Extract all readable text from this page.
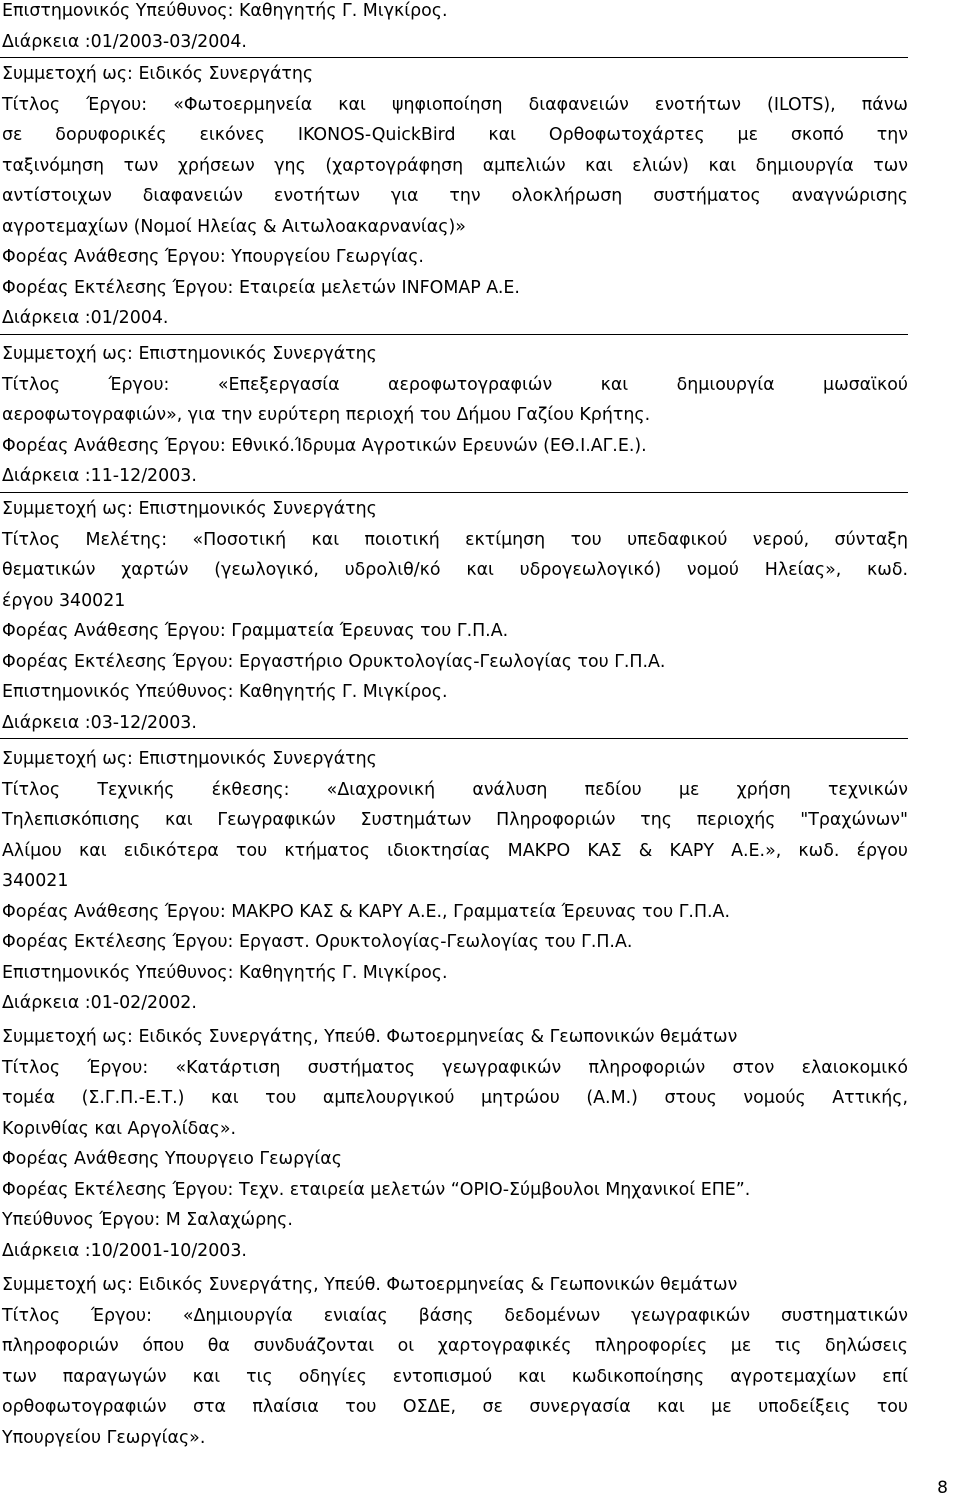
Επιστημονικός Υπεύθυνος: Καθηγητής Γ. Μιγκίρος.
Διάρκεια :01/2003-03/2004.
Συμμετοχή ως: Ειδικός Συνεργάτης
Τίτλος Έργου: «Φωτοερμηνεία και ψηφιοποίηση διαφανειών ενοτήτων (ILOTS), πάνω
σε δορυφορικές εικόνες IKONOS-QuickBird και Ορθοφωτοχάρτες με σκοπό την
ταξινόμηση των χρήσεων γης (χαρτογράφηση αμπελιών και ελιών) και δημιουργία των
αντίστοιχων διαφανειών ενοτήτων για την ολοκλήρωση συστήματος αναγνώρισης
αγροτεμαχίων (Νομοί Ηλείας & Αιτωλοακαρνανίας)»
Φορέας Ανάθεσης Έργου: Υπουργείου Γεωργίας.
Φορέας Εκτέλεσης Έργου: Εταιρεία μελετών INFOMAP A.E.
Διάρκεια :01/2004.
Συμμετοχή ως: Επιστημονικός Συνεργάτης
Τίτλος Έργου: «Επεξεργασία αεροφωτογραφιών και δημιουργία μωσαϊκού
αεροφωτογραφιών», για την ευρύτερη περιοχή του Δήμου Γαζίου Κρήτης.
Φορέας Ανάθεσης Έργου: Εθνικό.Ίδρυμα Αγροτικών Ερευνών (ΕΘ.Ι.ΑΓ.Ε.).
Διάρκεια :11-12/2003.
Συμμετοχή ως: Επιστημονικός Συνεργάτης
Τίτλος Μελέτης: «Ποσοτική και ποιοτική εκτίμηση του υπεδαφικού νερού, σύνταξη
θεματικών χαρτών (γεωλογικό, υδρολιθ/κό και υδρογεωλογικό) νομού Ηλείας», κωδ.
έργου 340021
Φορέας Ανάθεσης Έργου: Γραμματεία Έρευνας του Γ.Π.Α.
Φορέας Εκτέλεσης Έργου: Εργαστήριο Ορυκτολογίας-Γεωλογίας του Γ.Π.Α.
Επιστημονικός Υπεύθυνος: Καθηγητής Γ. Μιγκίρος.
Διάρκεια :03-12/2003.
Συμμετοχή ως: Επιστημονικός Συνεργάτης
Τίτλος Τεχνικής έκθεσης: «Διαχρονική ανάλυση πεδίου με χρήση τεχνικών
Τηλεπισκόπισης και Γεωγραφικών Συστημάτων Πληροφοριών της περιοχής "Τραχώνων"
Αλίμου και ειδικότερα του κτήματος ιδιοκτησίας ΜΑΚΡΟ ΚΑΣ & ΚΑΡΥ Α.Ε.», κωδ. έργου
340021
Φορέας Ανάθεσης Έργου: ΜΑΚΡΟ ΚΑΣ & ΚΑΡΥ Α.Ε., Γραμματεία Έρευνας του Γ.Π.Α.
Φορέας Εκτέλεσης Έργου: Εργαστ. Ορυκτολογίας-Γεωλογίας του Γ.Π.Α.
Επιστημονικός Υπεύθυνος: Καθηγητής Γ. Μιγκίρος.
Διάρκεια :01-02/2002.
Συμμετοχή ως: Ειδικός Συνεργάτης, Υπεύθ. Φωτοερμηνείας & Γεωπονικών θεμάτων
Τίτλος Έργου: «Κατάρτιση συστήματος γεωγραφικών πληροφοριών στον ελαιοκομικό
τομέα (Σ.Γ.Π.-Ε.Τ.) και του αμπελουργικού μητρώου (Α.Μ.) στους νομούς Αττικής,
Κορινθίας και Αργολίδας».
Φορέας Ανάθεσης Υπουργειο Γεωργίας
Φορέας Εκτέλεσης Έργου: Τεχν. εταιρεία μελετών “ΟΡΙΟ-Σύμβουλοι Μηχανικοί ΕΠΕ”.
Υπεύθυνος Έργου: Μ Σαλαχώρης.
Διάρκεια :10/2001-10/2003.
Συμμετοχή ως: Ειδικός Συνεργάτης, Υπεύθ. Φωτοερμηνείας & Γεωπονικών θεμάτων
Τίτλος Έργου: «Δημιουργία ενιαίας βάσης δεδομένων γεωγραφικών συστηματικών
πληροφοριών όπου θα συνδυάζονται οι χαρτογραφικές πληροφορίες με τις δηλώσεις
των παραγωγών και τις οδηγίες εντοπισμού και κωδικοποίησης αγροτεμαχίων επί
ορθοφωτογραφιών στα πλαίσια του ΟΣΔΕ, σε συνεργασία και με υποδείξεις του
Υπουργείου Γεωργίας».
8
